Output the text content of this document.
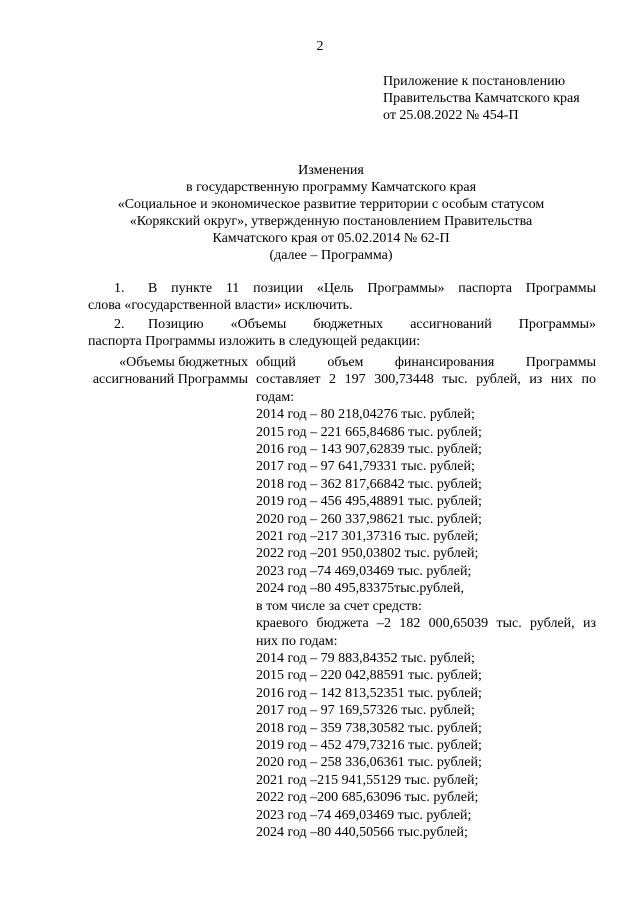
2
Приложение к постановлению
Правительства Камчатского края
от 25.08.2022 № 454-П
Изменения
в государственную программу Камчатского края
«Социальное и экономическое развитие территории с особым статусом
«Корякский округ», утвержденную постановлением Правительства
Камчатского края от 05.02.2014 № 62-П
(далее – Программа)
1. В пункте 11 позиции «Цель Программы» паспорта Программы
слова «государственной власти» исключить.
2. Позицию «Объемы бюджетных ассигнований Программы»
паспорта Программы изложить в следующей редакции:
«Объемы бюджетных
ассигнований Программы
общий объем финансирования Программы
составляет 2 197 300,73448 тыс. рублей, из них по
годам:
2014 год – 80 218,04276 тыс. рублей;
2015 год – 221 665,84686 тыс. рублей;
2016 год – 143 907,62839 тыс. рублей;
2017 год – 97 641,79331 тыс. рублей;
2018 год – 362 817,66842 тыс. рублей;
2019 год – 456 495,48891 тыс. рублей;
2020 год – 260 337,98621 тыс. рублей;
2021 год –217 301,37316 тыс. рублей;
2022 год –201 950,03802 тыс. рублей;
2023 год –74 469,03469 тыс. рублей;
2024 год –80 495,83375тыс.рублей,
в том числе за счет средств:
краевого бюджета –2 182 000,65039 тыс. рублей, из
них по годам:
2014 год – 79 883,84352 тыс. рублей;
2015 год – 220 042,88591 тыс. рублей;
2016 год – 142 813,52351 тыс. рублей;
2017 год – 97 169,57326 тыс. рублей;
2018 год – 359 738,30582 тыс. рублей;
2019 год – 452 479,73216 тыс. рублей;
2020 год – 258 336,06361 тыс. рублей;
2021 год –215 941,55129 тыс. рублей;
2022 год –200 685,63096 тыс. рублей;
2023 год –74 469,03469 тыс. рублей;
2024 год –80 440,50566 тыс.рублей;
